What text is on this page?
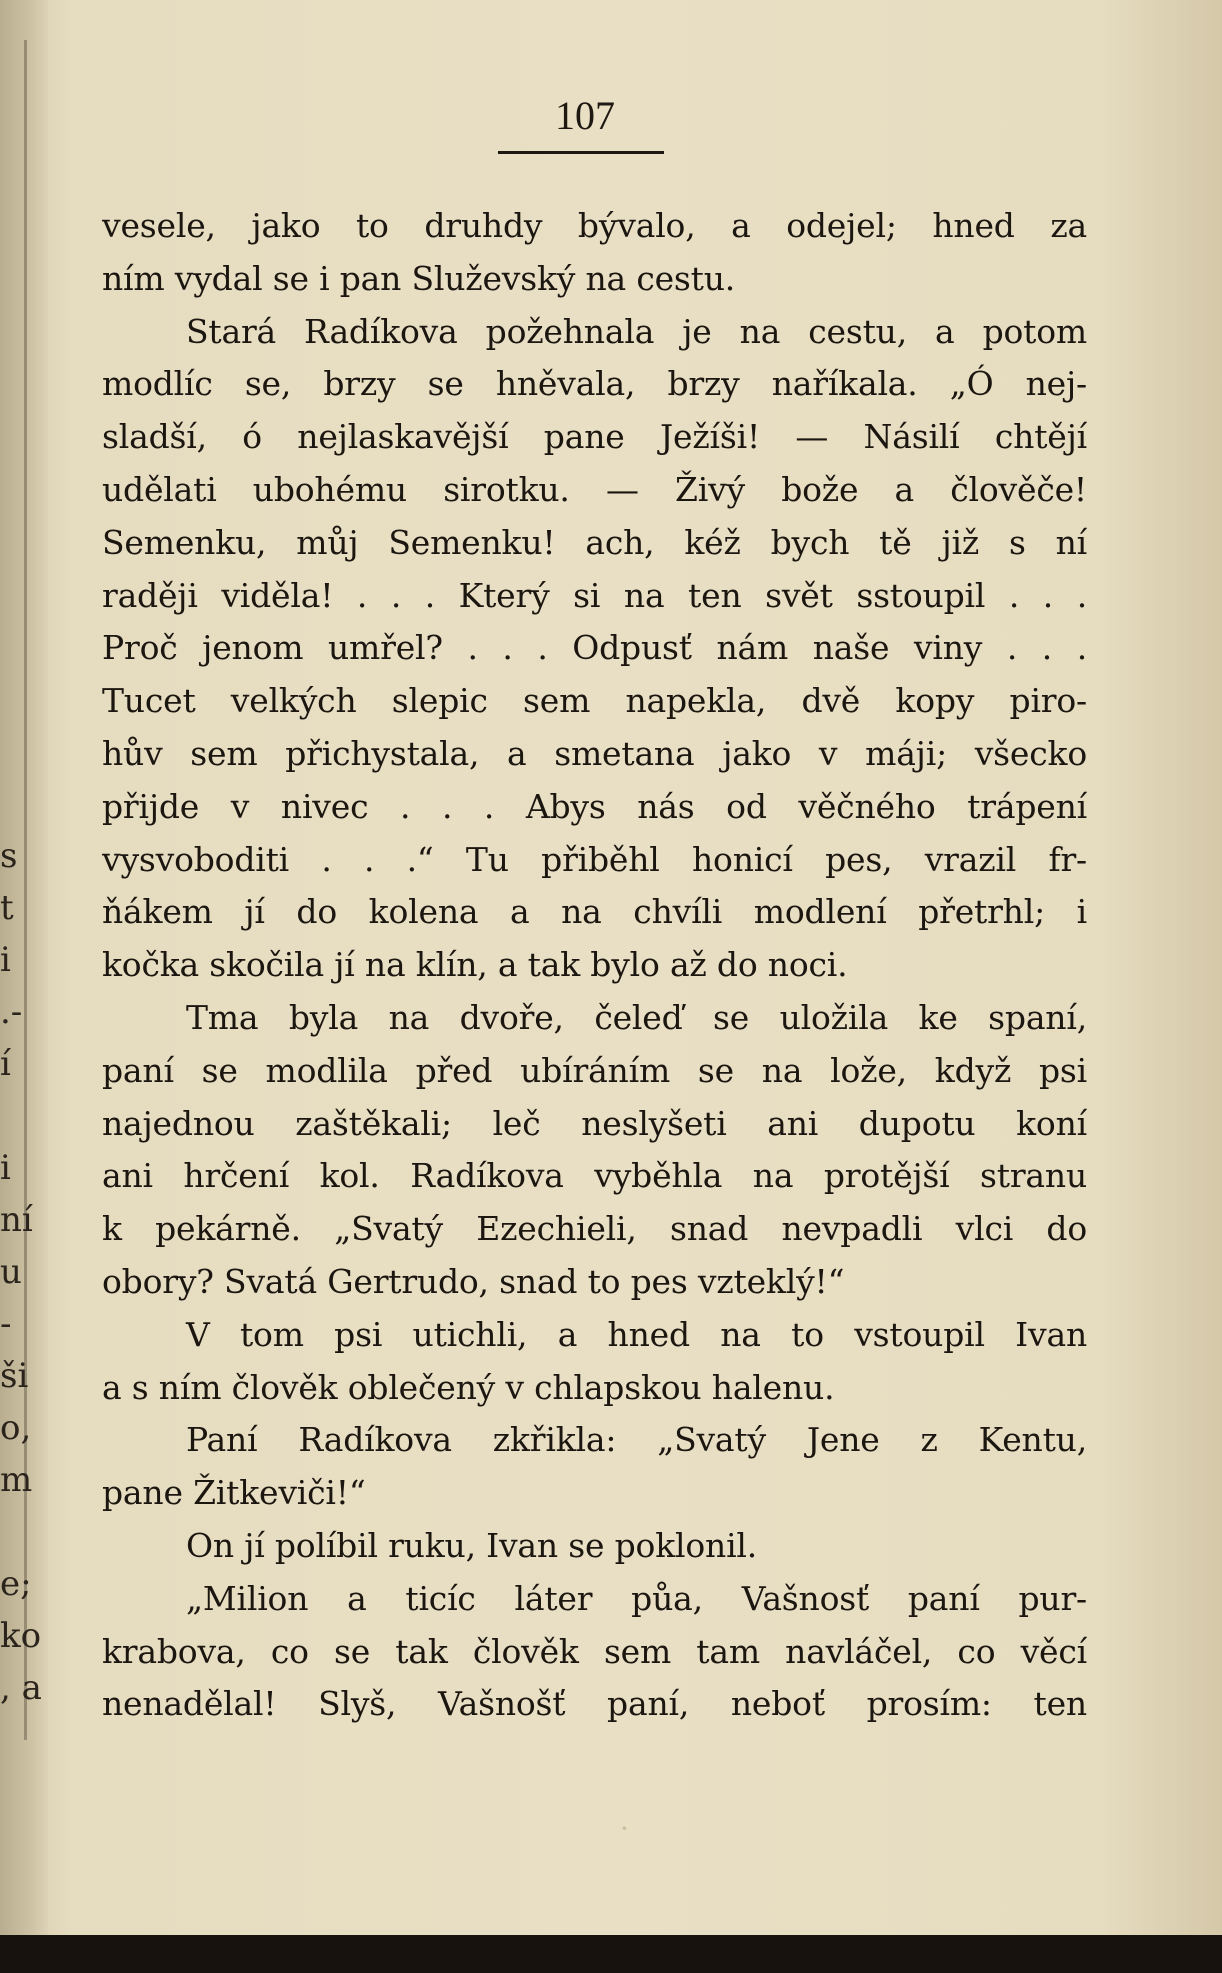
s
t
i
.-
í
i
ní
u
-
ši
o,
m
e;
ko
, a
107
vesele, jako to druhdy bývalo, a odejel; hned za
ním vydal se i pan Služevský na cestu.
Stará Radíkova požehnala je na cestu, a potom
modlíc se, brzy se hněvala, brzy naříkala. „Ó nej-
sladší, ó nejlaskavější pane Ježíši! — Násilí chtějí
udělati ubohému sirotku. — Živý bože a člověče!
Semenku, můj Semenku! ach, kéž bych tě již s ní
raději viděla! . . . Který si na ten svět sstoupil . . .
Proč jenom umřel? . . . Odpusť nám naše viny . . .
Tucet velkých slepic sem napekla, dvě kopy piro-
hův sem přichystala, a smetana jako v máji; všecko
přijde v nivec . . . Abys nás od věčného trápení
vysvoboditi . . .“ Tu přiběhl honicí pes, vrazil fr-
ňákem jí do kolena a na chvíli modlení přetrhl; i
kočka skočila jí na klín, a tak bylo až do noci.
Tma byla na dvoře, čeleď se uložila ke spaní,
paní se modlila před ubíráním se na lože, když psi
najednou zaštěkali; leč neslyšeti ani dupotu koní
ani hrčení kol. Radíkova vyběhla na protější stranu
k pekárně. „Svatý Ezechieli, snad nevpadli vlci do
obory? Svatá Gertrudo, snad to pes vzteklý!“
V tom psi utichli, a hned na to vstoupil Ivan
a s ním člověk oblečený v chlapskou halenu.
Paní Radíkova zkřikla: „Svatý Jene z Kentu,
pane Žitkeviči!“
On jí políbil ruku, Ivan se poklonil.
„Milion a ticíc láter půa, Vašnosť paní pur-
krabova, co se tak člověk sem tam navláčel, co věcí
nenadělal! Slyš, Vašnošť paní, neboť prosím: ten
·
